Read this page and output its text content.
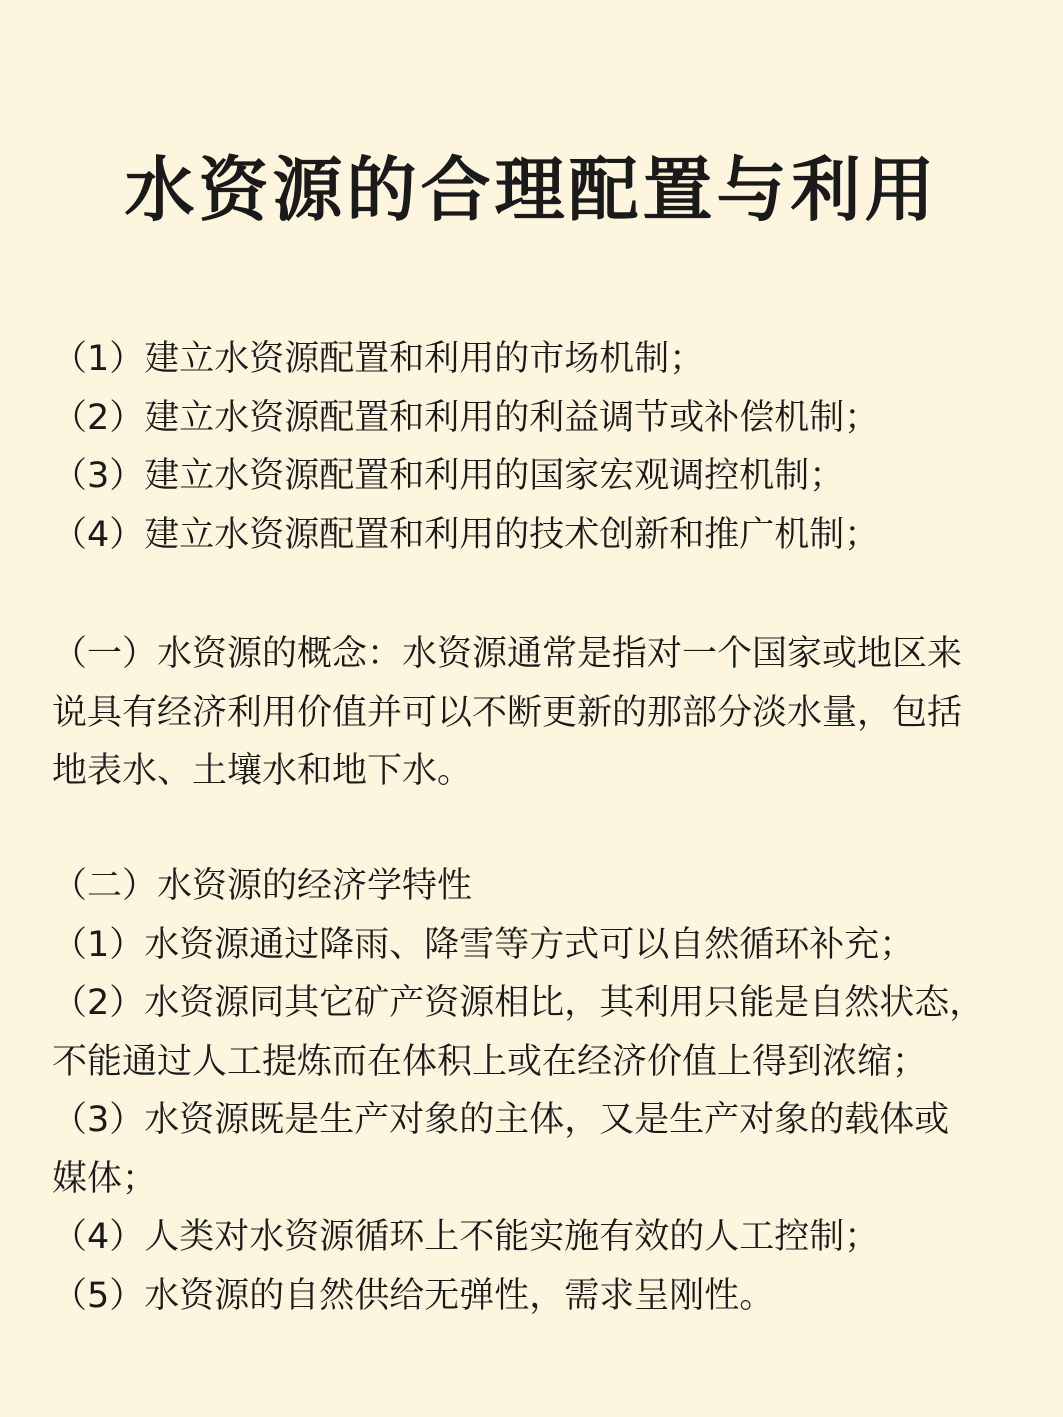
水资源的合理配置与利用

（1）建立水资源配置和利用的市场机制；

（2）建立水资源配置和利用的利益调节或补偿机制；

（3）建立水资源配置和利用的国家宏观调控机制；

（4）建立水资源配置和利用的技术创新和推广机制；

（一）水资源的概念：水资源通常是指对一个国家或地区来

说具有经济利用价值并可以不断更新的那部分淡水量，包括

地表水、土壤水和地下水。

（二）水资源的经济学特性

（1）水资源通过降雨、降雪等方式可以自然循环补充；

（2）水资源同其它矿产资源相比，其利用只能是自然状态，

不能通过人工提炼而在体积上或在经济价值上得到浓缩；

（3）水资源既是生产对象的主体，又是生产对象的载体或

媒体；

（4）人类对水资源循环上不能实施有效的人工控制；

（5）水资源的自然供给无弹性，需求呈刚性。
